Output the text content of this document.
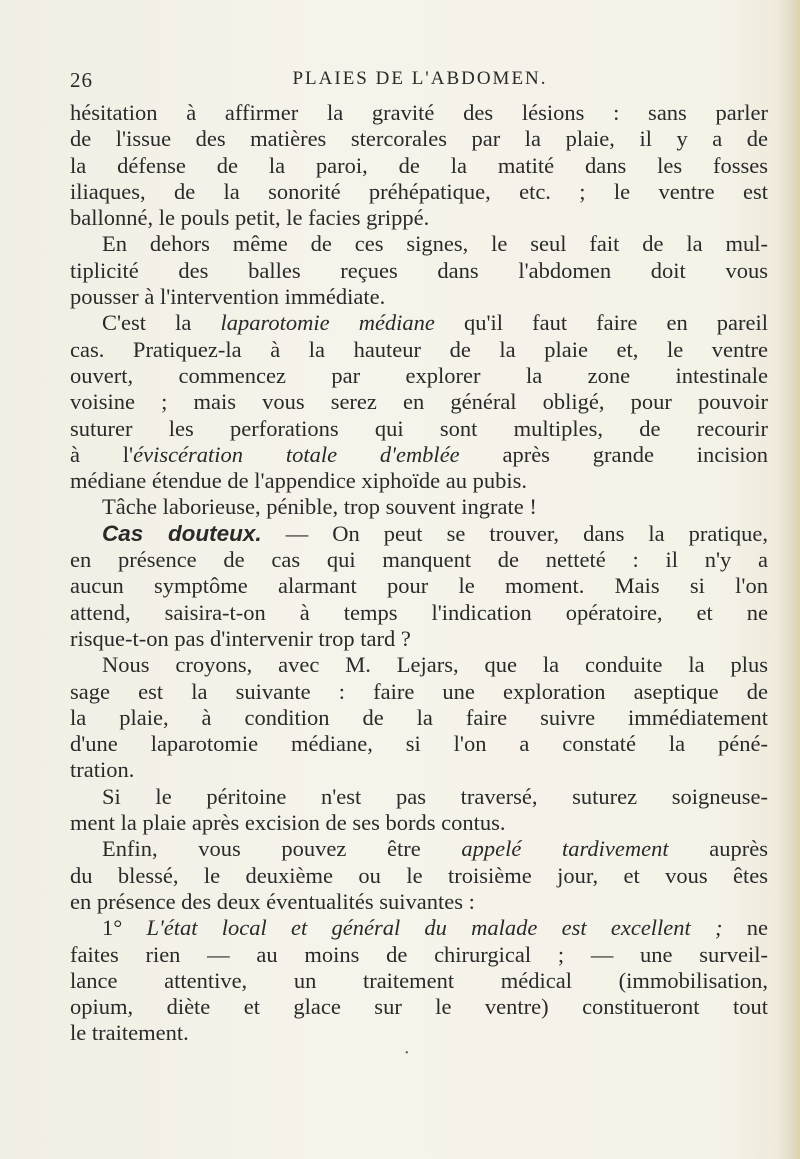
26	PLAIES DE L'ABDOMEN.
hésitation à affirmer la gravité des lésions : sans parler
de l'issue des matières stercorales par la plaie, il y a de
la défense de la paroi, de la matité dans les fosses
iliaques, de la sonorité préhépatique, etc. ; le ventre est
ballonné, le pouls petit, le facies grippé.
En dehors même de ces signes, le seul fait de la mul-
tiplicité des balles reçues dans l'abdomen doit vous
pousser à l'intervention immédiate.
C'est la laparotomie médiane qu'il faut faire en pareil
cas. Pratiquez-la à la hauteur de la plaie et, le ventre
ouvert, commencez par explorer la zone intestinale
voisine ; mais vous serez en général obligé, pour pouvoir
suturer les perforations qui sont multiples, de recourir
à l'éviscération totale d'emblée après grande incision
médiane étendue de l'appendice xiphoïde au pubis.
Tâche laborieuse, pénible, trop souvent ingrate !
Cas douteux. — On peut se trouver, dans la pratique,
en présence de cas qui manquent de netteté : il n'y a
aucun symptôme alarmant pour le moment. Mais si l'on
attend, saisira-t-on à temps l'indication opératoire, et ne
risque-t-on pas d'intervenir trop tard ?
Nous croyons, avec M. Lejars, que la conduite la plus
sage est la suivante : faire une exploration aseptique de
la plaie, à condition de la faire suivre immédiatement
d'une laparotomie médiane, si l'on a constaté la péné-
tration.
Si le péritoine n'est pas traversé, suturez soigneuse-
ment la plaie après excision de ses bords contus.
Enfin, vous pouvez être appelé tardivement auprès
du blessé, le deuxième ou le troisième jour, et vous êtes
en présence des deux éventualités suivantes :
1° L'état local et général du malade est excellent ; ne
faites rien — au moins de chirurgical ; — une surveil-
lance attentive, un traitement médical (immobilisation,
opium, diète et glace sur le ventre) constitueront tout
le traitement.
•
